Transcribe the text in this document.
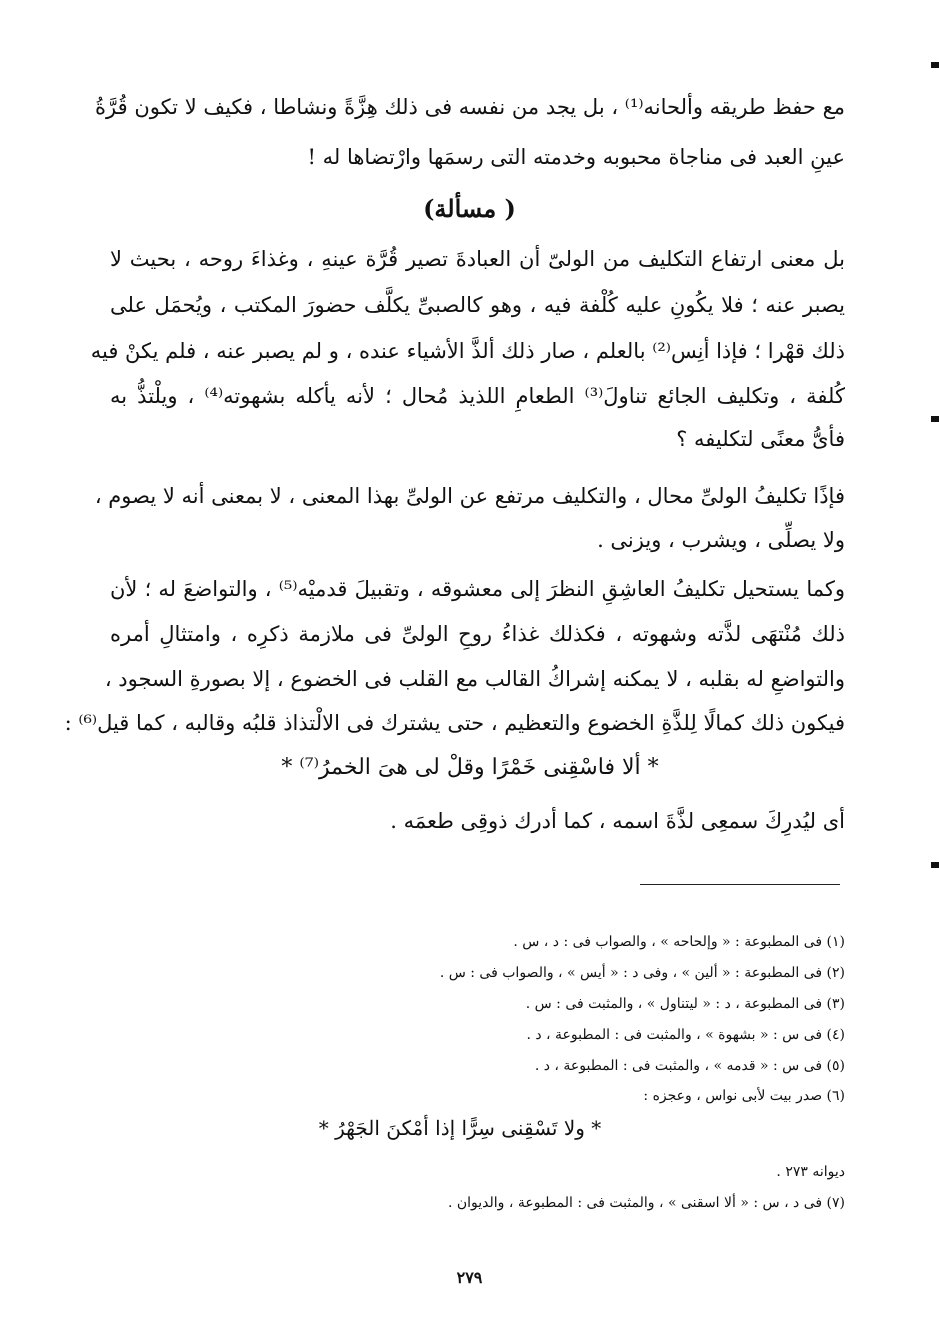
مع حفظ طريقه وألحانه⁽¹⁾ ، بل يجد من نفسه فى ذلك هِزَّةً ونشاطا ، فكيف لا تكون قُرَّةُ
عينِ العبد فى مناجاة محبوبه وخدمته التى رسمَها وارْتضاها له !
( مسألة)
بل معنى ارتفاع التكليف من الولىّ أن العبادةَ تصير قُرَّة عينهِ ، وغذاءَ روحه ، بحيث لا
يصبر عنه ؛ فلا يكُونِ عليه كُلْفة فيه ، وهو كالصبىِّ يكلَّف حضورَ المكتب ، ويُحمَل على
ذلك قهْرا ؛ فإذا أنِس⁽²⁾ بالعلم ، صار ذلك ألذَّ الأشياء عنده ، و لم يصبر عنه ، فلم يكنْ فيه
كُلفة ، وتكليف الجائع تناولَ⁽³⁾ الطعامِ اللذيذ مُحال ؛ لأنه يأكله بشهوته⁽⁴⁾ ، ويلْتذُّ به
فأىُّ معنًى لتكليفه ؟
فإذًا تكليفُ الولىِّ محال ، والتكليف مرتفع عن الولىِّ بهذا المعنى ، لا بمعنى أنه لا يصوم ،
ولا يصلِّى ، ويشرب ، ويزنى .
وكما يستحيل تكليفُ العاشِقِ النظرَ إلى معشوقه ، وتقبيلَ قدميْه⁽⁵⁾ ، والتواضعَ له ؛ لأن
ذلك مُنْتهَى لذَّته وشهوته ، فكذلك غذاءُ روحِ الولىِّ فى ملازمة ذكرِه ، وامتثالِ أمره
والتواضعِ له بقلبه ، لا يمكنه إشراكُ القالب مع القلب فى الخضوع ، إلا بصورةِ السجود ،
فيكون ذلك كمالًا لِلذَّةِ الخضوع والتعظيم ، حتى يشترك فى الالْتذاذ قلبُه وقالبه ، كما قيل⁽⁶⁾ :
* ألا فاسْقِنى خَمْرًا وقلْ لى هىَ الخمرُ⁽⁷⁾ *
أى ليُدرِكَ سمعِى لذَّةَ اسمه ، كما أدرك ذوقِى طعمَه .
(١) فى المطبوعة : « وإلحاحه » ، والصواب فى : د ، س .
(٢) فى المطبوعة : « ألين » ، وفى د : « أيس » ، والصواب فى : س .
(٣) فى المطبوعة ، د : « ليتناول » ، والمثبت فى : س .
(٤) فى س : « بشهوة » ، والمثبت فى : المطبوعة ، د .
(٥) فى س : « قدمه » ، والمثبت فى : المطبوعة ، د .
(٦) صدر بيت لأبى نواس ، وعجزه :
* ولا تَسْقِنى سِرًّا إذا أمْكنَ الجَهْرُ *
ديوانه ٢٧٣ .
(٧) فى د ، س : « ألا اسقنى » ، والمثبت فى : المطبوعة ، والديوان .
٢٧٩
